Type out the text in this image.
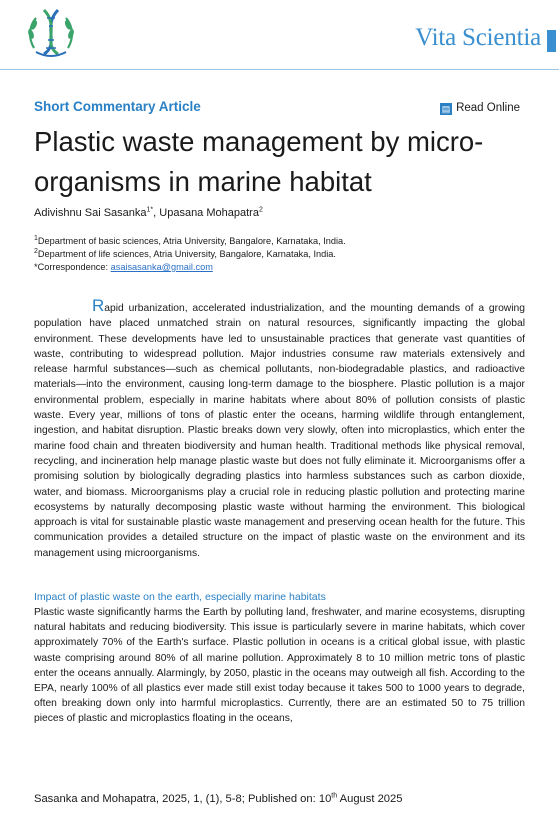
Vita Scientia
Short Commentary Article	▤ Read Online
Plastic waste management by micro-organisms in marine habitat
Adivishnu Sai Sasanka$^{1*}$, Upasana Mohapatra$^2$
$^1$Department of basic sciences, Atria University, Bangalore, Karnataka, India.
$^2$Department of life sciences, Atria University, Bangalore, Karnataka, India.
*Correspondence: asaisasanka@gmail.com

Rapid urbanization, accelerated industrialization, and the mounting demands of a growing population have placed unmatched strain on natural resources, significantly impacting the global environment. These developments have led to unsustainable practices that generate vast quantities of waste, contributing to widespread pollution. Major industries consume raw materials extensively and release harmful substances—such as chemical pollutants, non-biodegradable plastics, and radioactive materials—into the environment, causing long-term damage to the biosphere. Plastic pollution is a major environmental problem, especially in marine habitats where about 80% of pollution consists of plastic waste. Every year, millions of tons of plastic enter the oceans, harming wildlife through entanglement, ingestion, and habitat disruption. Plastic breaks down very slowly, often into microplastics, which enter the marine food chain and threaten biodiversity and human health. Traditional methods like physical removal, recycling, and incineration help manage plastic waste but does not fully eliminate it. Microorganisms offer a promising solution by biologically degrading plastics into harmless substances such as carbon dioxide, water, and biomass. Microorganisms play a crucial role in reducing plastic pollution and protecting marine ecosystems by naturally decomposing plastic waste without harming the environment. This biological approach is vital for sustainable plastic waste management and preserving ocean health for the future. This communication provides a detailed structure on the impact of plastic waste on the environment and its management using microorganisms.

Impact of plastic waste on the earth, especially marine habitats

Plastic waste significantly harms the Earth by polluting land, freshwater, and marine ecosystems, disrupting natural habitats and reducing biodiversity. This issue is particularly severe in marine habitats, which cover approximately 70% of the Earth's surface. Plastic pollution in oceans is a critical global issue, with plastic waste comprising around 80% of all marine pollution. Approximately 8 to 10 million metric tons of plastic enter the oceans annually. Alarmingly, by 2050, plastic in the oceans may outweigh all fish. According to the EPA, nearly 100% of all plastics ever made still exist today because it takes 500 to 1000 years to degrade, often breaking down only into harmful microplastics. Currently, there are an estimated 50 to 75 trillion pieces of plastic and microplastics floating in the oceans,

Sasanka and Mohapatra, 2025, 1, (1), 5-8; Published on: 10th August 2025
